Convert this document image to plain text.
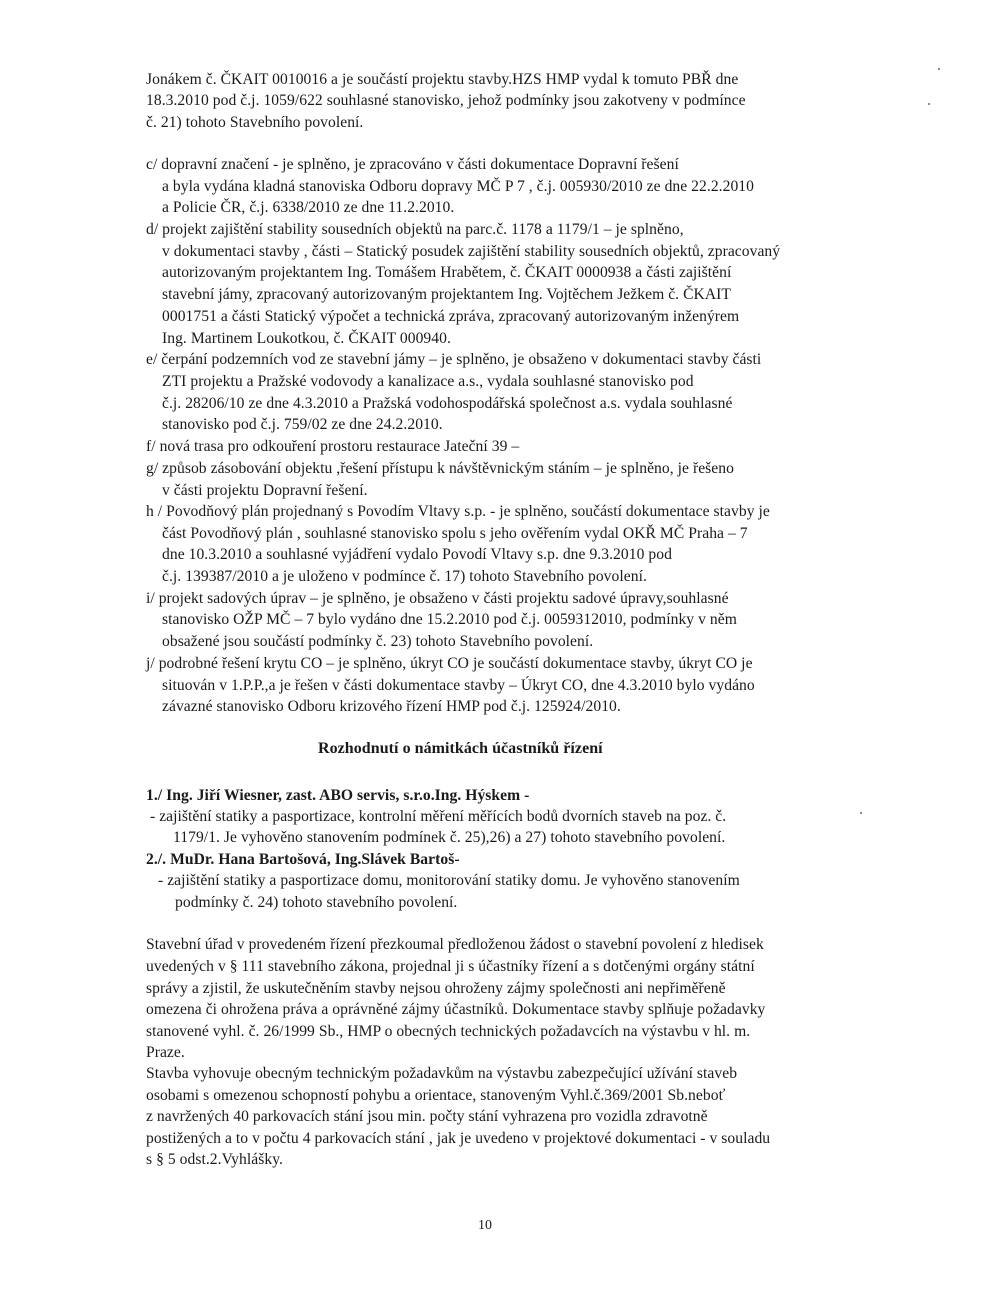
Jonákem č. ČKAIT 0010016 a je součástí projektu stavby.HZS HMP vydal k tomuto PBŘ dne
18.3.2010 pod č.j. 1059/622 souhlasné stanovisko, jehož podmínky jsou zakotveny v podmínce
č. 21) tohoto Stavebního povolení.
c/ dopravní značení - je splněno, je zpracováno v části dokumentace Dopravní řešení
a byla vydána kladná stanoviska Odboru dopravy MČ P 7 , č.j. 005930/2010 ze dne 22.2.2010
a Policie ČR, č.j. 6338/2010 ze dne 11.2.2010.
d/ projekt zajištění stability sousedních objektů na parc.č. 1178 a 1179/1 – je splněno,
v dokumentaci stavby , části – Statický posudek zajištění stability sousedních objektů, zpracovaný
autorizovaným projektantem Ing. Tomášem Hrabětem, č. ČKAIT 0000938 a části zajištění
stavební jámy, zpracovaný autorizovaným projektantem Ing. Vojtěchem Ježkem č. ČKAIT
0001751 a části Statický výpočet a technická zpráva, zpracovaný autorizovaným inženýrem
Ing. Martinem Loukotkou, č. ČKAIT 000940.
e/ čerpání podzemních vod ze stavební jámy – je splněno, je obsaženo v dokumentaci stavby části
ZTI projektu a Pražské vodovody a kanalizace a.s., vydala souhlasné stanovisko pod
č.j. 28206/10 ze dne 4.3.2010 a Pražská vodohospodářská společnost a.s. vydala souhlasné
stanovisko pod č.j. 759/02 ze dne 24.2.2010.
f/ nová trasa pro odkouření prostoru restaurace Jateční 39 –
g/ způsob zásobování objektu ,řešení přístupu k návštěvnickým stáním – je splněno, je řešeno
v části projektu Dopravní řešení.
h / Povodňový plán projednaný s Povodím Vltavy s.p. - je splněno, součástí dokumentace stavby je
část Povodňový plán , souhlasné stanovisko spolu s jeho ověřením vydal OKŘ MČ Praha – 7
dne 10.3.2010 a souhlasné vyjádření vydalo Povodí Vltavy s.p. dne 9.3.2010 pod
č.j. 139387/2010 a je uloženo v podmínce č. 17) tohoto Stavebního povolení.
i/ projekt sadových úprav – je splněno, je obsaženo v části projektu sadové úpravy,souhlasné
stanovisko OŽP MČ – 7 bylo vydáno dne 15.2.2010 pod č.j. 0059312010, podmínky v něm
obsažené jsou součástí podmínky č. 23) tohoto Stavebního povolení.
j/ podrobné řešení krytu CO – je splněno, úkryt CO je součástí dokumentace stavby, úkryt CO je
situován v 1.P.P.,a je řešen v části dokumentace stavby – Úkryt CO, dne 4.3.2010 bylo vydáno
závazné stanovisko Odboru krizového řízení HMP pod č.j. 125924/2010.
Rozhodnutí o námitkách účastníků řízení
1./ Ing. Jiří Wiesner, zast. ABO servis, s.r.o.Ing. Hýskem -
- zajištění statiky a pasportizace, kontrolní měření měřících bodů dvorních staveb na poz. č.
1179/1. Je vyhověno stanovením podmínek č. 25),26) a 27) tohoto stavebního povolení.
2./. MuDr. Hana Bartošová, Ing.Slávek Bartoš-
- zajištění statiky a pasportizace domu, monitorování statiky domu. Je vyhověno stanovením
podmínky č. 24) tohoto stavebního povolení.
Stavební úřad v provedeném řízení přezkoumal předloženou žádost o stavební povolení z hledisek
uvedených v § 111 stavebního zákona, projednal ji s účastníky řízení a s dotčenými orgány státní
správy a zjistil, že uskutečněním stavby nejsou ohroženy zájmy společnosti ani nepřiměřeně
omezena či ohrožena práva a oprávněné zájmy účastníků. Dokumentace stavby splňuje požadavky
stanovené vyhl. č. 26/1999 Sb., HMP o obecných technických požadavcích na výstavbu v hl. m.
Praze.
Stavba vyhovuje obecným technickým požadavkům na výstavbu zabezpečující užívání staveb
osobami s omezenou schopností pohybu a orientace, stanoveným Vyhl.č.369/2001 Sb.neboť
z navržených 40 parkovacích stání jsou min. počty stání vyhrazena pro vozidla zdravotně
postižených a to v počtu 4 parkovacích stání , jak je uvedeno v projektové dokumentaci - v souladu
s § 5 odst.2.Vyhlášky.
10
